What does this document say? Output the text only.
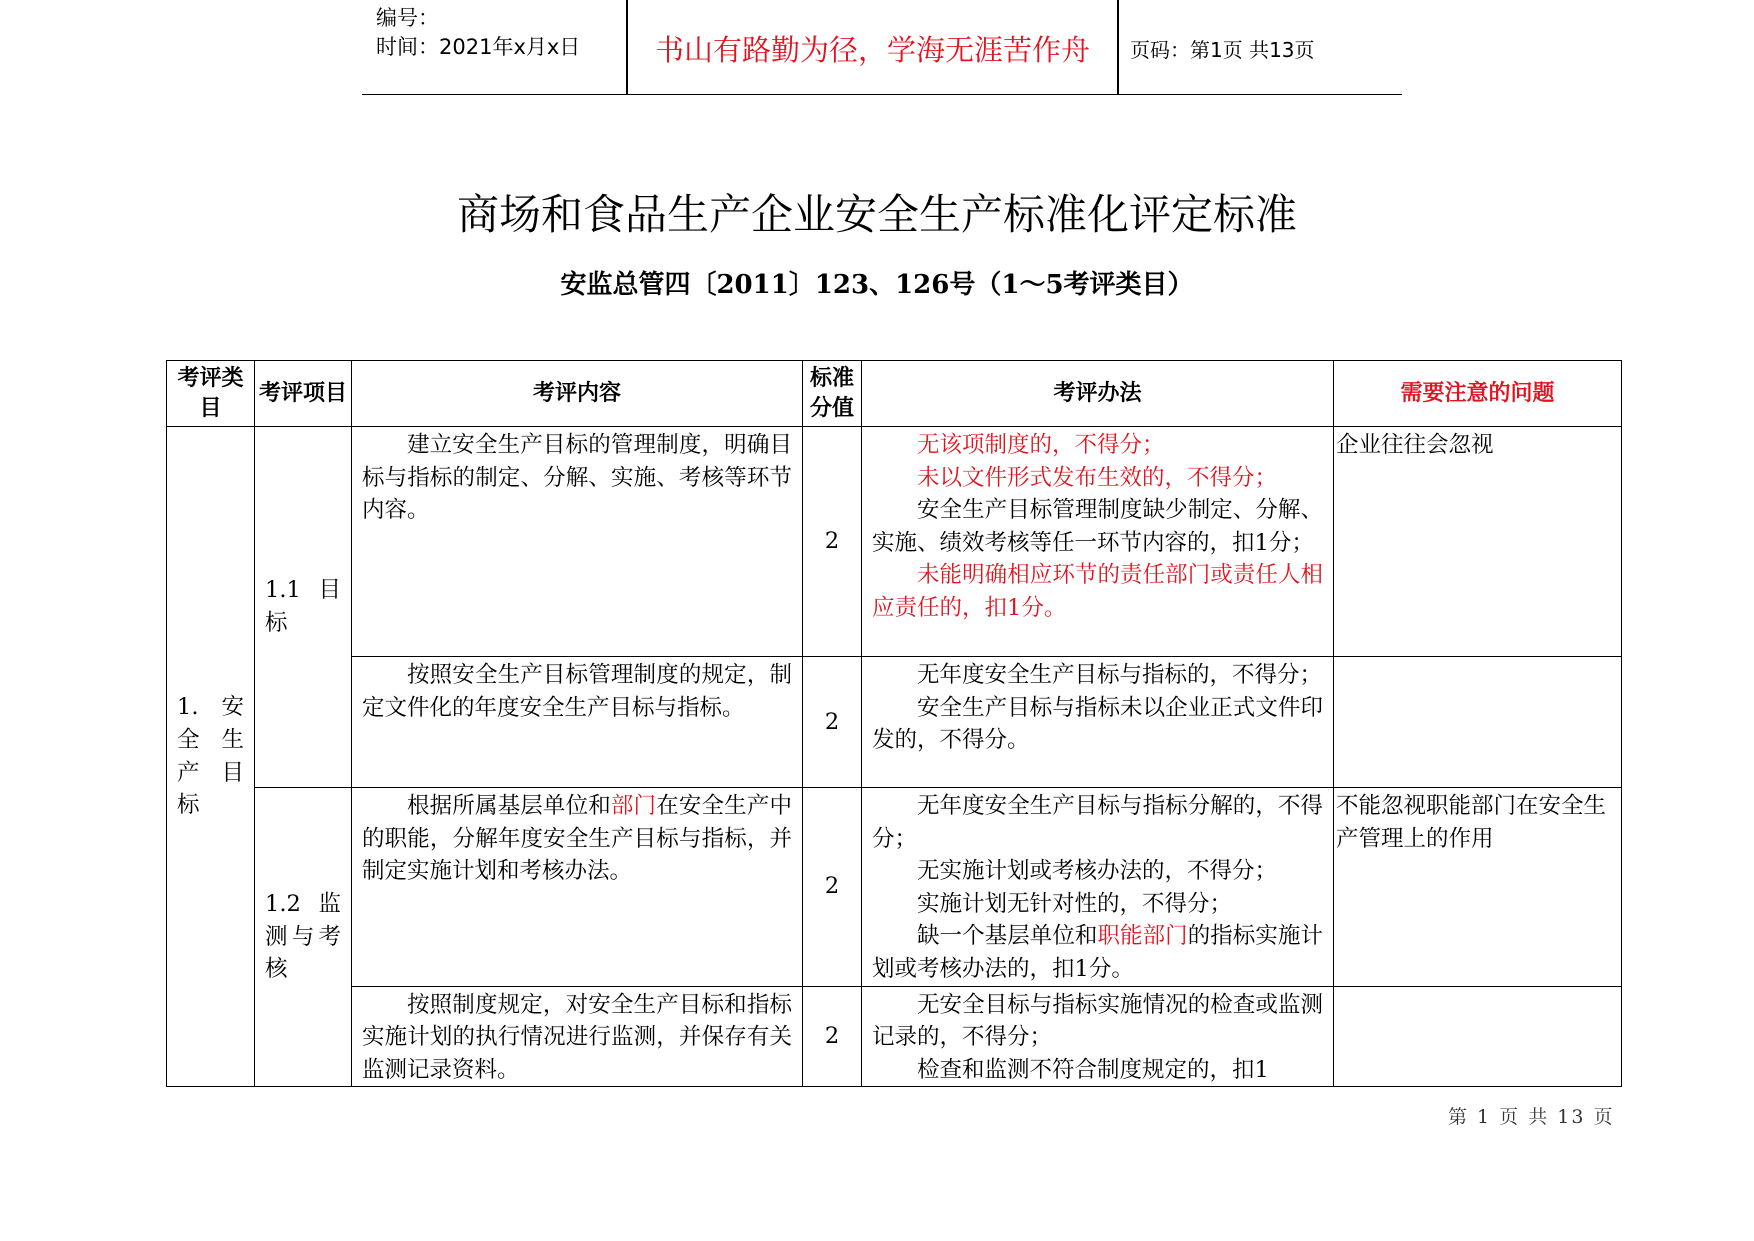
编号：
时间：2021年x月x日	书山有路勤为径，学海无涯苦作舟	页码：第1页 共13页
商场和食品生产企业安全生产标准化评定标准
安监总管四〔2011〕123、126号（1～5考评类目）
考评类目	考评项目	考评内容	标准分值	考评办法	需要注意的问题
1. 安全生产目标	1.1 目标	建立安全生产目标的管理制度，明确目标与指标的制定、分解、实施、考核等环节内容。	2	无该项制度的，不得分；

未以文件形式发布生效的，不得分；

安全生产目标管理制度缺少制定、分解、实施、绩效考核等任一环节内容的，扣1分；

未能明确相应环节的责任部门或责任人相应责任的，扣1分。	企业往往会忽视

		按照安全生产目标管理制度的规定，制定文件化的年度安全生产目标与指标。	2	无年度安全生产目标与指标的，不得分；

安全生产目标与指标未以企业正式文件印发的，不得分。	

	1.2 监测与考核	根据所属基层单位和部门在安全生产中的职能，分解年度安全生产目标与指标，并制定实施计划和考核办法。	2	无年度安全生产目标与指标分解的，不得分；

无实施计划或考核办法的，不得分；

实施计划无针对性的，不得分；

缺一个基层单位和职能部门的指标实施计划或考核办法的，扣1分。	不能忽视职能部门在安全生产管理上的作用

		按照制度规定，对安全生产目标和指标实施计划的执行情况进行监测，并保存有关监测记录资料。	2	无安全目标与指标实施情况的检查或监测记录的，不得分；

检查和监测不符合制度规定的，扣1	

第 1 页 共 13 页
